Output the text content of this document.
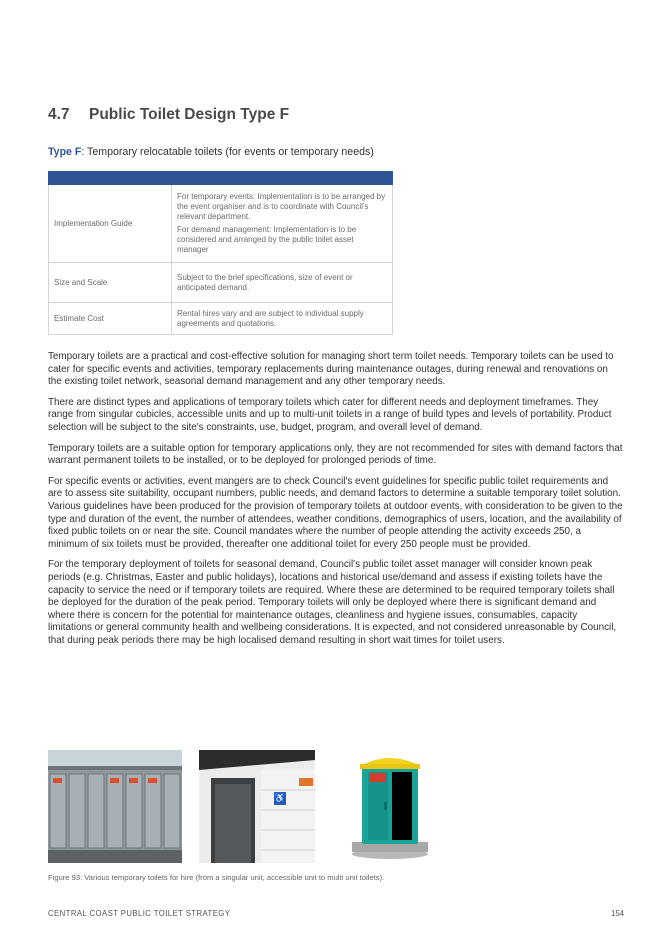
4.7 Public Toilet Design Type F

Type F: Temporary relocatable toilets (for events or temporary needs)

Implementation Guide	For temporary events: Implementation is to be arranged by the event organiser and is to coordinate with Council's relevant department.

For demand management: Implementation is to be considered and arranged by the public toilet asset manager

Size and Scale	Subject to the brief specifications, size of event or anticipated demand.

Estimate Cost	Rental hires vary and are subject to individual supply agreements and quotations.

Temporary toilets are a practical and cost-effective solution for managing short term toilet needs. Temporary toilets can be used to cater for specific events and activities, temporary replacements during maintenance outages, during renewal and renovations on the existing toilet network, seasonal demand management and any other temporary needs.

There are distinct types and applications of temporary toilets which cater for different needs and deployment timeframes. They range from singular cubicles, accessible units and up to multi-unit toilets in a range of build types and levels of portability. Product selection will be subject to the site's constraints, use, budget, program, and overall level of demand.

Temporary toilets are a suitable option for temporary applications only, they are not recommended for sites with demand factors that warrant permanent toilets to be installed, or to be deployed for prolonged periods of time.

For specific events or activities, event mangers are to check Council's event guidelines for specific public toilet requirements and are to assess site suitability, occupant numbers, public needs, and demand factors to determine a suitable temporary toilet solution. Various guidelines have been produced for the provision of temporary toilets at outdoor events, with consideration to be given to the type and duration of the event, the number of attendees, weather conditions, demographics of users, location, and the availability of fixed public toilets on or near the site. Council mandates where the number of people attending the activity exceeds 250, a minimum of six toilets must be provided, thereafter one additional toilet for every 250 people must be provided.

For the temporary deployment of toilets for seasonal demand, Council's public toilet asset manager will consider known peak periods (e.g. Christmas, Easter and public holidays), locations and historical use/demand and assess if existing toilets have the capacity to service the need or if temporary toilets are required. Where these are determined to be required temporary toilets shall be deployed for the duration of the peak period. Temporary toilets will only be deployed where there is significant demand and where there is concern for the potential for maintenance outages, cleanliness and hygiene issues, consumables, capacity limitations or general community health and wellbeing considerations. It is expected, and not considered unreasonable by Council, that during peak periods there may be high localised demand resulting in short wait times for toilet users.

♿

Figure 93: Various temporary toilets for hire (from a singular unit, accessible unit to multi unit toilets).

CENTRAL COAST PUBLIC TOILET STRATEGY	154
